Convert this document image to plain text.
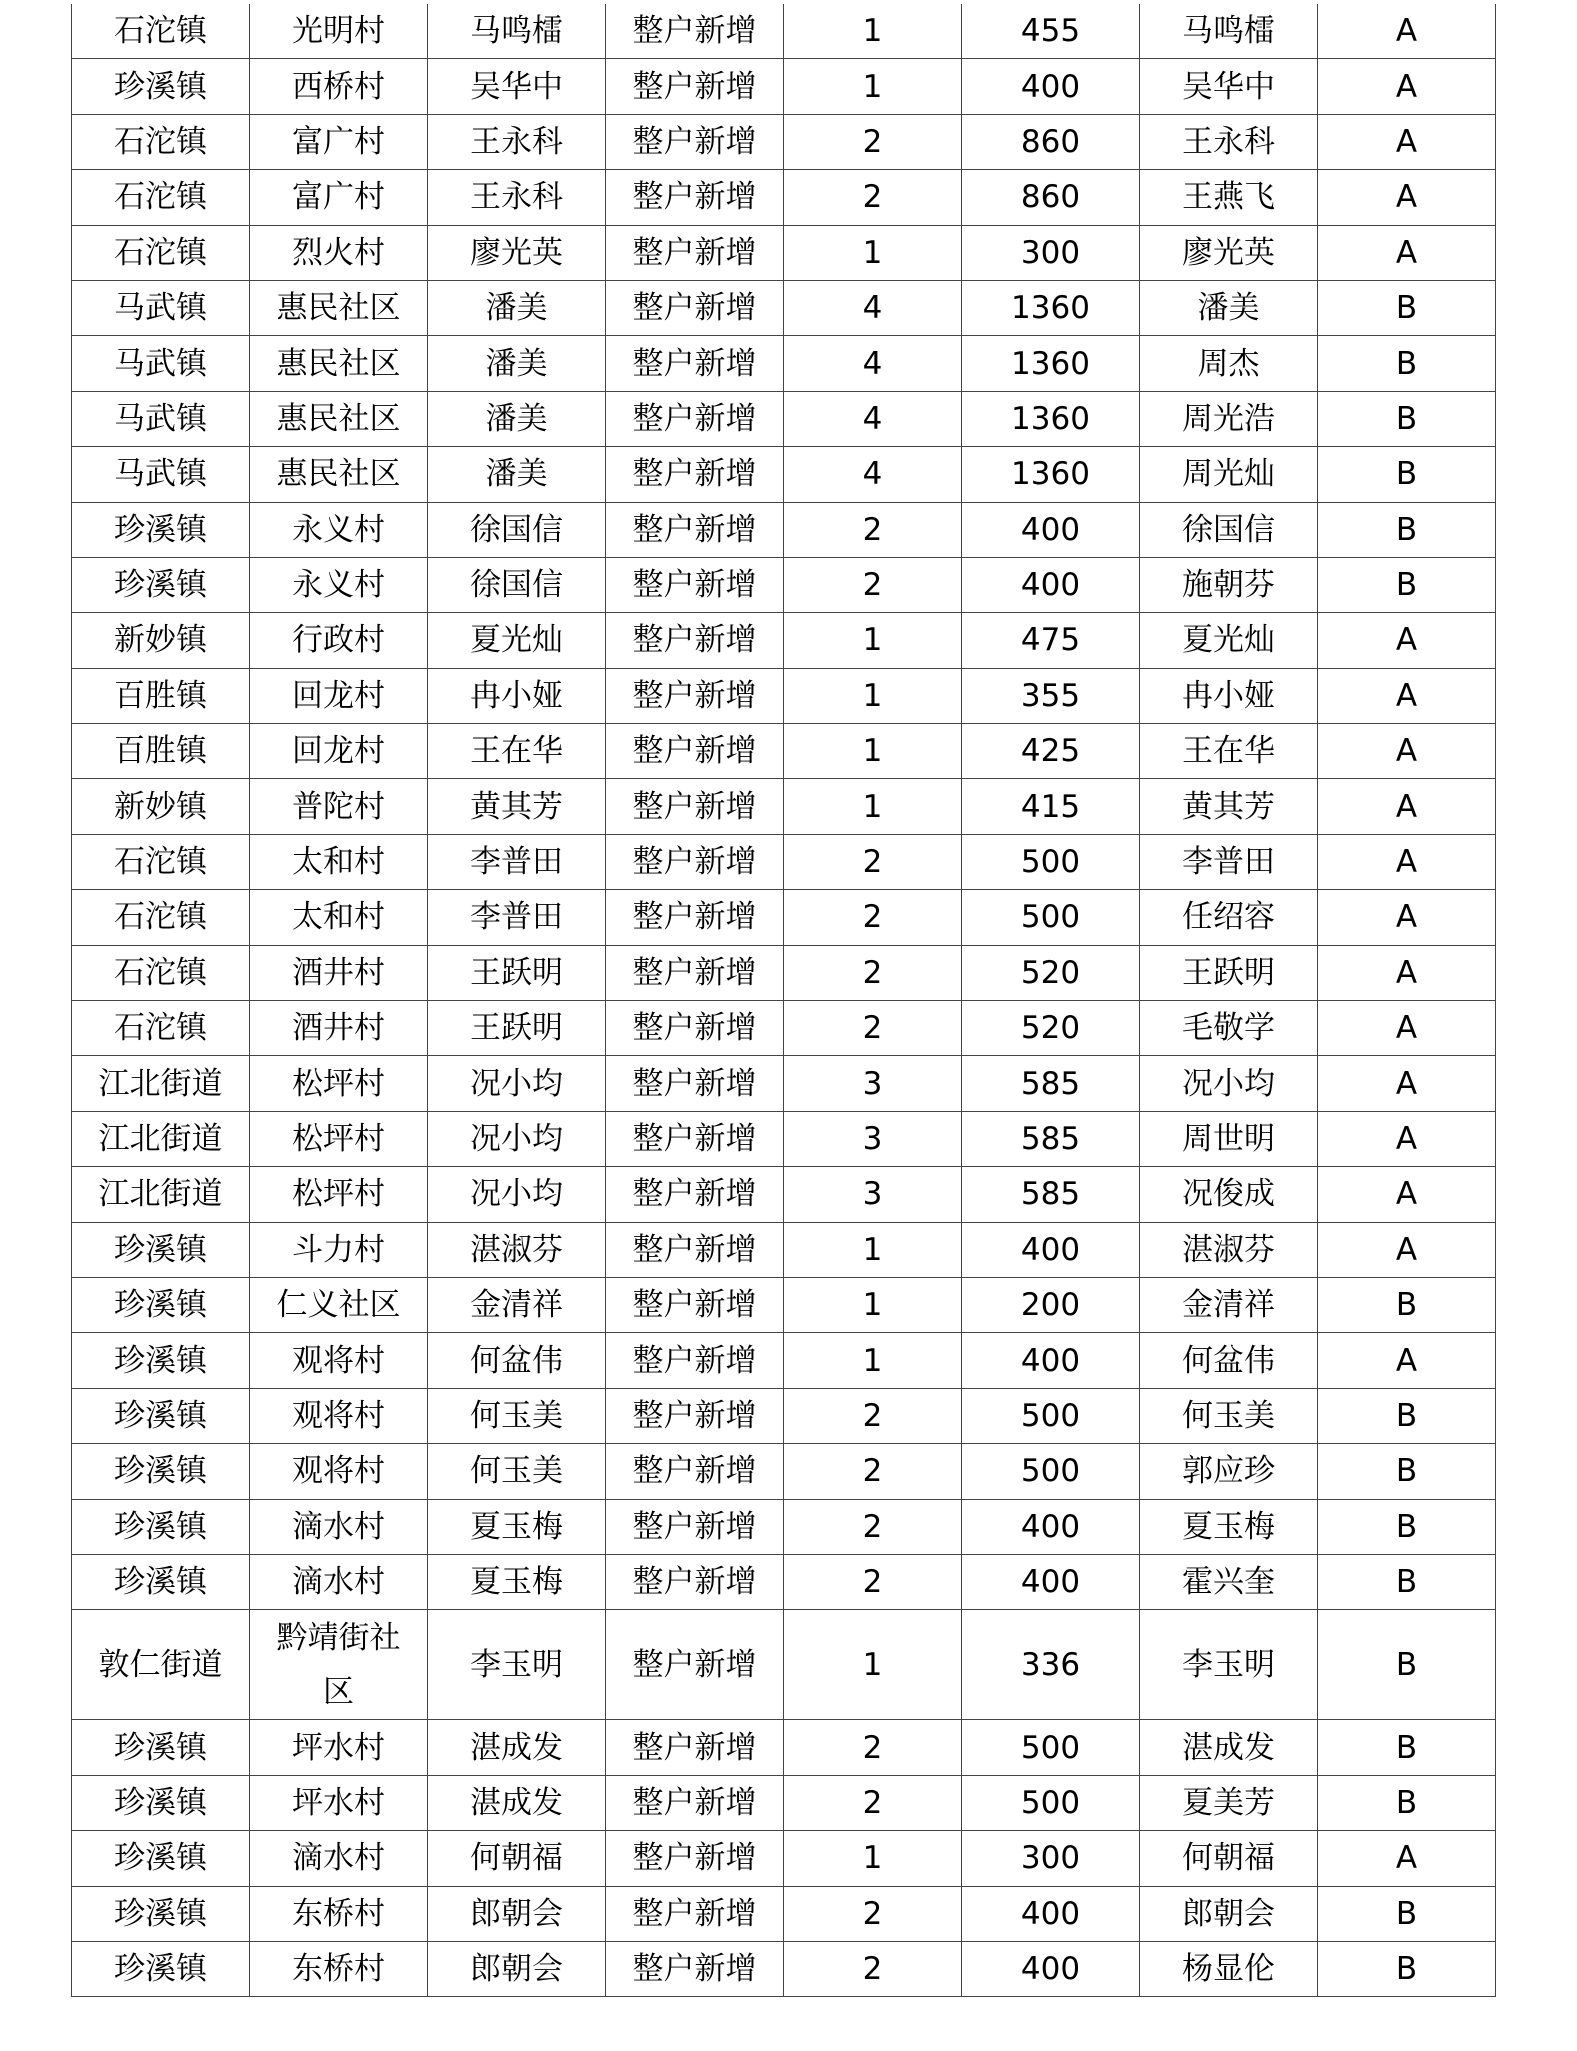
石沱镇	光明村	马鸣檑	整户新增	1	455	马鸣檑	A
珍溪镇	西桥村	吴华中	整户新增	1	400	吴华中	A
石沱镇	富广村	王永科	整户新增	2	860	王永科	A
石沱镇	富广村	王永科	整户新增	2	860	王燕飞	A
石沱镇	烈火村	廖光英	整户新增	1	300	廖光英	A
马武镇	惠民社区	潘美	整户新增	4	1360	潘美	B
马武镇	惠民社区	潘美	整户新增	4	1360	周杰	B
马武镇	惠民社区	潘美	整户新增	4	1360	周光浩	B
马武镇	惠民社区	潘美	整户新增	4	1360	周光灿	B
珍溪镇	永义村	徐国信	整户新增	2	400	徐国信	B
珍溪镇	永义村	徐国信	整户新增	2	400	施朝芬	B
新妙镇	行政村	夏光灿	整户新增	1	475	夏光灿	A
百胜镇	回龙村	冉小娅	整户新增	1	355	冉小娅	A
百胜镇	回龙村	王在华	整户新增	1	425	王在华	A
新妙镇	普陀村	黄其芳	整户新增	1	415	黄其芳	A
石沱镇	太和村	李普田	整户新增	2	500	李普田	A
石沱镇	太和村	李普田	整户新增	2	500	任绍容	A
石沱镇	酒井村	王跃明	整户新增	2	520	王跃明	A
石沱镇	酒井村	王跃明	整户新增	2	520	毛敬学	A
江北街道	松坪村	况小均	整户新增	3	585	况小均	A
江北街道	松坪村	况小均	整户新增	3	585	周世明	A
江北街道	松坪村	况小均	整户新增	3	585	况俊成	A
珍溪镇	斗力村	湛淑芬	整户新增	1	400	湛淑芬	A
珍溪镇	仁义社区	金清祥	整户新增	1	200	金清祥	B
珍溪镇	观将村	何盆伟	整户新增	1	400	何盆伟	A
珍溪镇	观将村	何玉美	整户新增	2	500	何玉美	B
珍溪镇	观将村	何玉美	整户新增	2	500	郭应珍	B
珍溪镇	滴水村	夏玉梅	整户新增	2	400	夏玉梅	B
珍溪镇	滴水村	夏玉梅	整户新增	2	400	霍兴奎	B
敦仁街道	黔靖街社
区	李玉明	整户新增	1	336	李玉明	B
珍溪镇	坪水村	湛成发	整户新增	2	500	湛成发	B
珍溪镇	坪水村	湛成发	整户新增	2	500	夏美芳	B
珍溪镇	滴水村	何朝福	整户新增	1	300	何朝福	A
珍溪镇	东桥村	郎朝会	整户新增	2	400	郎朝会	B
珍溪镇	东桥村	郎朝会	整户新增	2	400	杨显伦	B
